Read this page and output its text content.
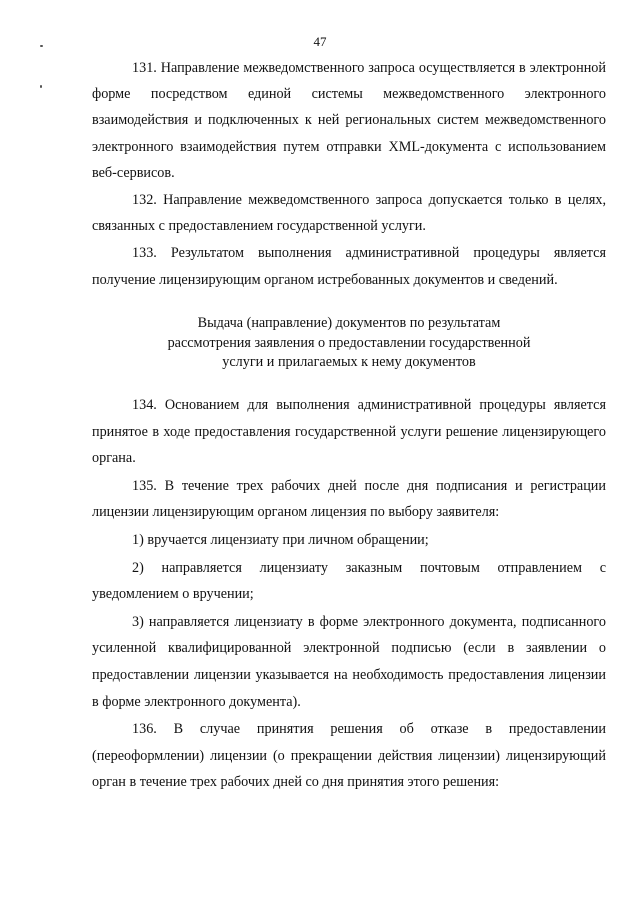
47

131. Направление межведомственного запроса осуществляется в электронной форме посредством единой системы межведомственного электронного взаимодействия и подключенных к ней региональных систем межведомственного электронного взаимодействия путем отправки XML-документа с использованием веб-сервисов.

132. Направление межведомственного запроса допускается только в целях, связанных с предоставлением государственной услуги.

133. Результатом выполнения административной процедуры является получение лицензирующим органом истребованных документов и сведений.

Выдача (направление) документов по результатам
рассмотрения заявления о предоставлении государственной
услуги и прилагаемых к нему документов

134. Основанием для выполнения административной процедуры является принятое в ходе предоставления государственной услуги решение лицензирующего органа.

135. В течение трех рабочих дней после дня подписания и регистрации лицензии лицензирующим органом лицензия по выбору заявителя:

1) вручается лицензиату при личном обращении;

2) направляется лицензиату заказным почтовым отправлением с уведомлением о вручении;

3) направляется лицензиату в форме электронного документа, подписанного усиленной квалифицированной электронной подписью (если в заявлении о предоставлении лицензии указывается на необходимость предоставления лицензии в форме электронного документа).

136. В случае принятия решения об отказе в предоставлении (переоформлении) лицензии (о прекращении действия лицензии) лицензирующий орган в течение трех рабочих дней со дня принятия этого решения:
